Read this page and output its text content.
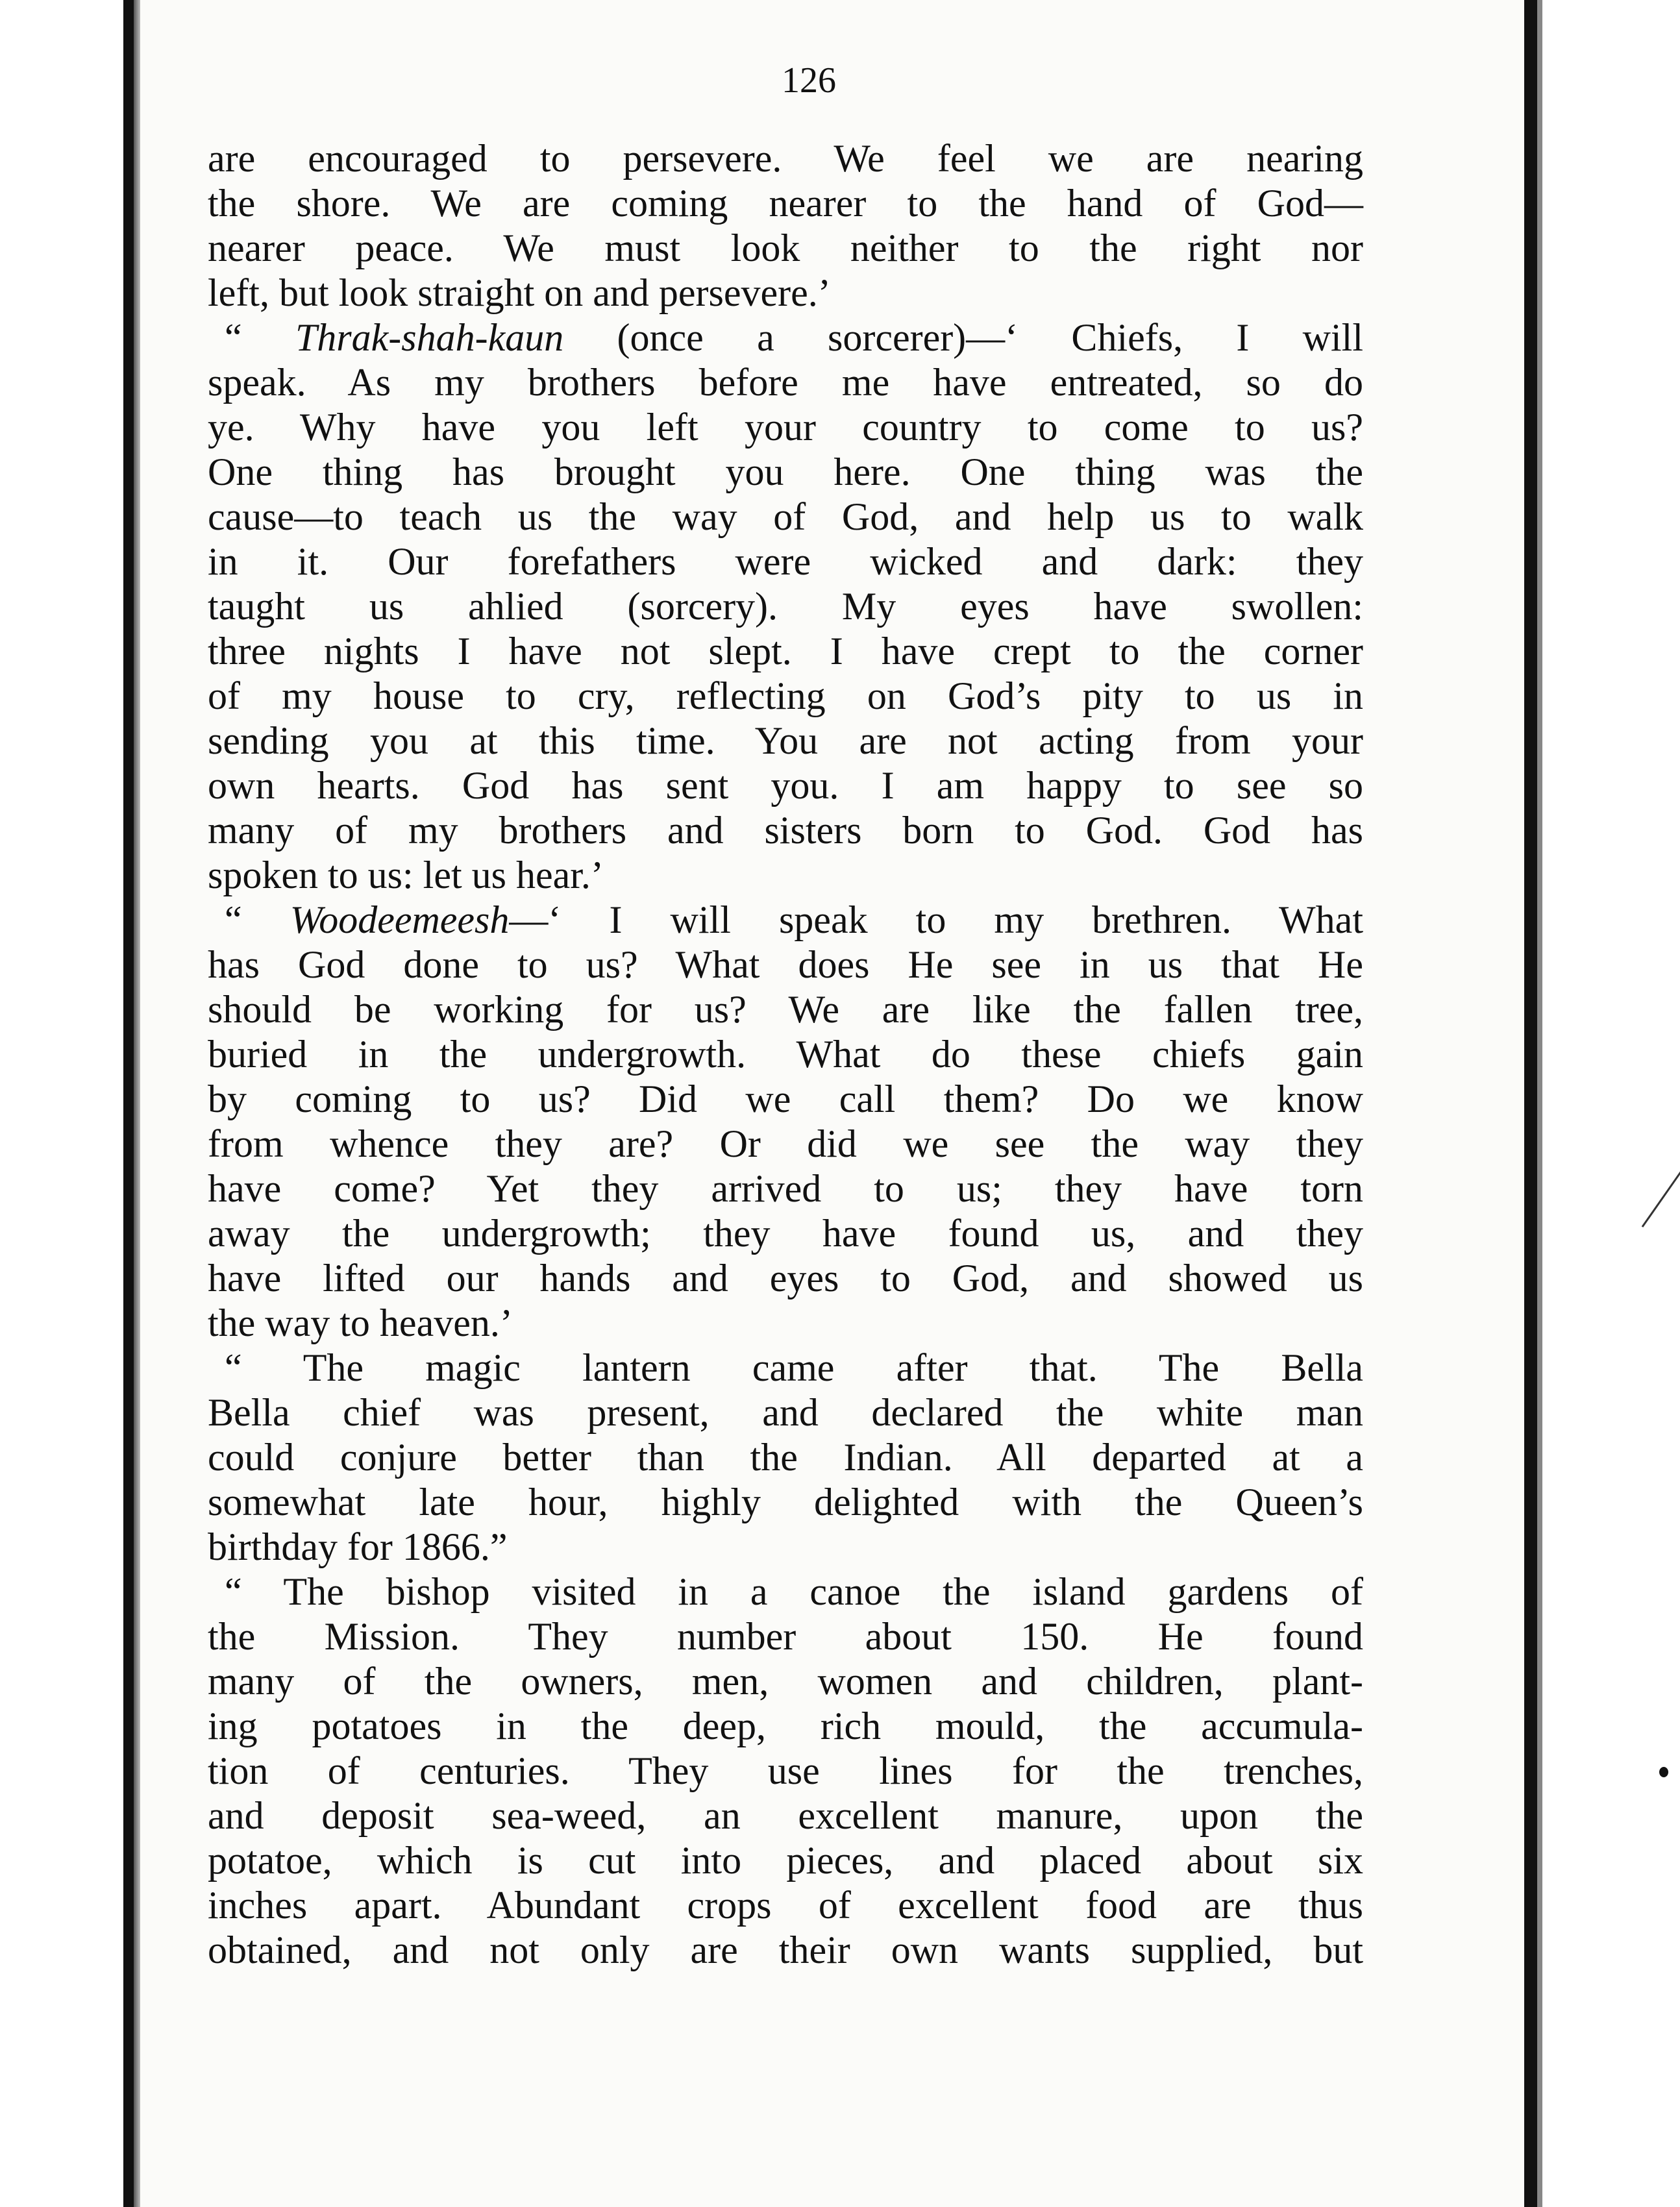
126
are encouraged to persevere. We feel we are nearing
the shore. We are coming nearer to the hand of God—
nearer peace. We must look neither to the right nor
left, but look straight on and persevere.’
“ Thrak-shah-kaun (once a sorcerer)—‘ Chiefs, I will
speak. As my brothers before me have entreated, so do
ye. Why have you left your country to come to us?
One thing has brought you here. One thing was the
cause—to teach us the way of God, and help us to walk
in it. Our forefathers were wicked and dark: they
taught us ahlied (sorcery). My eyes have swollen:
three nights I have not slept. I have crept to the corner
of my house to cry, reflecting on God’s pity to us in
sending you at this time. You are not acting from your
own hearts. God has sent you. I am happy to see so
many of my brothers and sisters born to God. God has
spoken to us: let us hear.’
“ Woodeemeesh—‘ I will speak to my brethren. What
has God done to us? What does He see in us that He
should be working for us? We are like the fallen tree,
buried in the undergrowth. What do these chiefs gain
by coming to us? Did we call them? Do we know
from whence they are? Or did we see the way they
have come? Yet they arrived to us; they have torn
away the undergrowth; they have found us, and they
have lifted our hands and eyes to God, and showed us
the way to heaven.’
“ The magic lantern came after that. The Bella
Bella chief was present, and declared the white man
could conjure better than the Indian. All departed at a
somewhat late hour, highly delighted with the Queen’s
birthday for 1866.”
“ The bishop visited in a canoe the island gardens of
the Mission. They number about 150. He found
many of the owners, men, women and children, plant-
ing potatoes in the deep, rich mould, the accumula-
tion of centuries. They use lines for the trenches,
and deposit sea-weed, an excellent manure, upon the
potatoe, which is cut into pieces, and placed about six
inches apart. Abundant crops of excellent food are thus
obtained, and not only are their own wants supplied, but
